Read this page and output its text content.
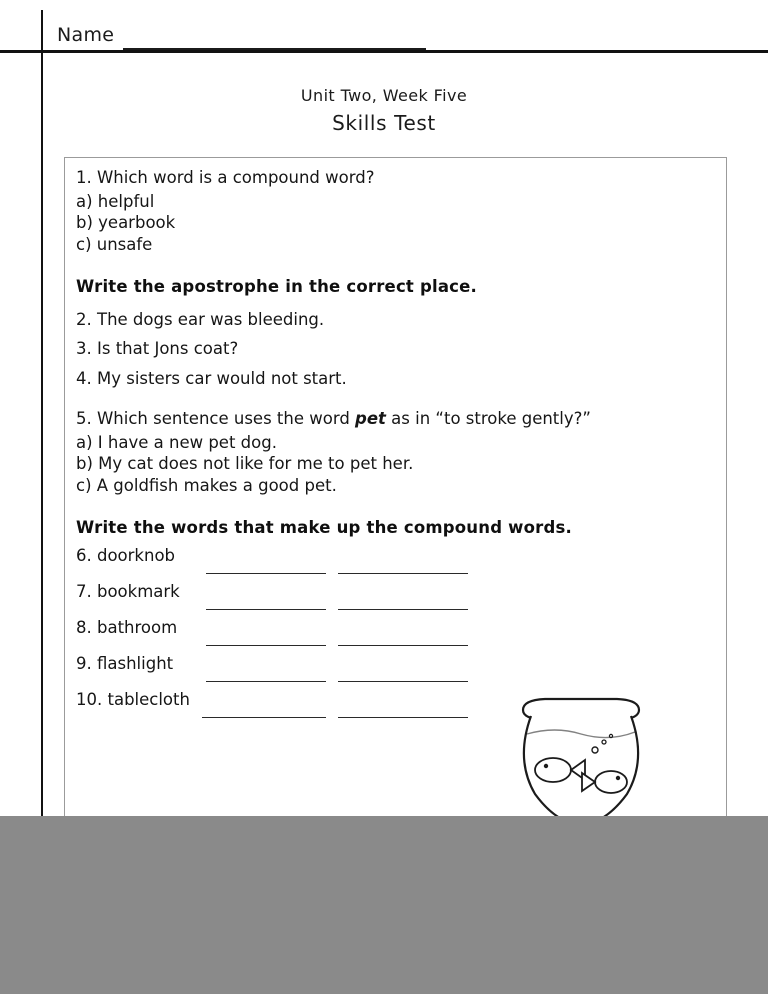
Name
Unit Two, Week Five
Skills Test
1. Which word is a compound word?
a) helpful
b) yearbook
c) unsafe
Write the apostrophe in the correct place.
2. The dogs ear was bleeding.
3. Is that Jons coat?
4. My sisters car would not start.
5. Which sentence uses the word pet as in “to stroke gently?”
a) I have a new pet dog.
b) My cat does not like for me to pet her.
c) A goldfish makes a good pet.
Write the words that make up the compound words.
6. doorknob
7. bookmark
8. bathroom
9. flashlight
10. tablecloth
